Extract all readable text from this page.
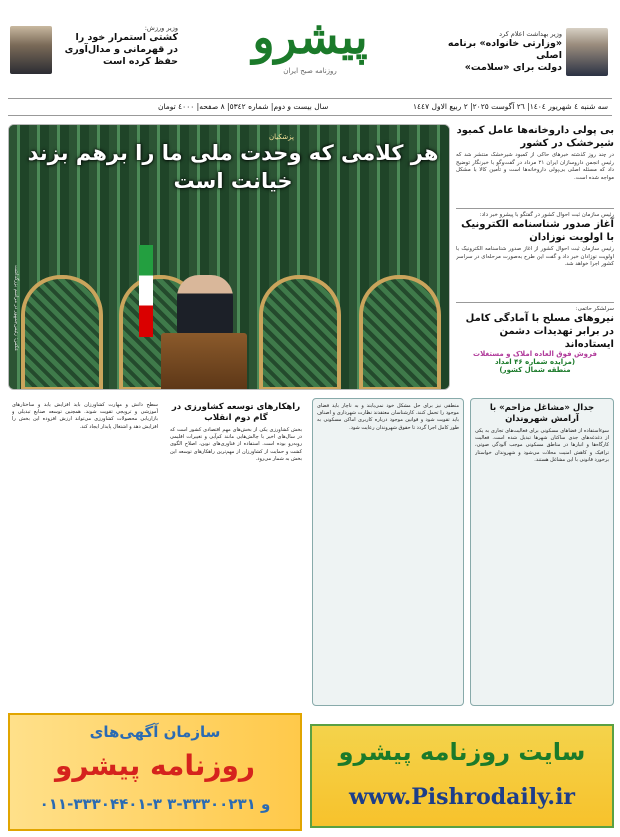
وزیر ورزش:
کشتی استمرار خود را
در قهرمانی و مدال‌آوری
حفظ کرده است	پیشرو
روزنامه صبح ایران
وزیر بهداشت اعلام کرد
«وزارتی خانواده» برنامه اصلی
دولت برای «سلامت»
سه شنبه ٤ شهریور ١٤٠٤| ٢٦ آگوست ٢٠٢٥| ٢ ربیع الاول ١٤٤٧
سال بیست و دوم| شماره ٥٣٤٢| ٨ صفحه| ٤٠٠٠ تومان
عکس: رئیس‌جمهور در مراسم بزرگداشت
پزشکیان
هر کلامی که وحدت ملی ما را برهم بزند خیانت است
بی پولی داروخانه‌ها عامل کمبود شیرخشک در کشور
در چند روز گذشته خبرهای حاکی از کمبود شیرخشک منتشر شد که رئیس انجمن داروسازان ایران ۲۱ مرداد در گفت‌وگو با خبرنگار توضیح داد که مسئله اصلی بی‌پولی داروخانه‌ها است و تأمین کالا با مشکل مواجه شده است.
رئیس سازمان ثبت احوال کشور در گفتگو با پیشرو خبر داد:
آغاز صدور شناسنامه الکترونیک با اولویت نوزادان
رئیس سازمان ثبت احوال کشور از آغاز صدور شناسنامه الکترونیک با اولویت نوزادان خبر داد و گفت این طرح به‌صورت مرحله‌ای در سراسر کشور اجرا خواهد شد.
سرلشکر حاتمی:
نیروهای مسلح با آمادگی کامل در برابر تهدیدات دشمن ایستاده‌اند
فروش فوق العاده املاک و مستغلات
(مزایده شماره ۴۶ امداد
منطقه شمال کشور)
جدال «مشاغل مزاحم» با آرامش شهروندان
سوءاستفاده از فضاهای مسکونی برای فعالیت‌های تجاری به یکی از دغدغه‌های جدی ساکنان شهرها تبدیل شده است. فعالیت کارگاه‌ها و انبارها در مناطق مسکونی موجب آلودگی صوتی، ترافیک و کاهش امنیت محلات می‌شود و شهروندان خواستار برخورد قانونی با این مشاغل هستند.
منطقی نیز برای حل مشکل خود نمی‌یابند و به ناچار باید فضای موجود را تحمل کنند. کارشناسان معتقدند نظارت شهرداری و اصناف باید تقویت شود و قوانین موجود درباره کاربری اماکن مسکونی به طور کامل اجرا گردد تا حقوق شهروندان رعایت شود.
راهکارهای توسعه کشاورزی در گام دوم انقلاب
بخش کشاورزی یکی از بخش‌های مهم اقتصادی کشور است که در سال‌های اخیر با چالش‌هایی مانند کم‌آبی و تغییرات اقلیمی روبه‌رو بوده است. استفاده از فناوری‌های نوین، اصلاح الگوی کشت و حمایت از کشاورزان از مهم‌ترین راهکارهای توسعه این بخش به شمار می‌رود.
سطح دانش و مهارت کشاورزان باید افزایش یابد و ساختارهای آموزشی و ترویجی تقویت شوند. همچنین توسعه صنایع تبدیلی و بازاریابی محصولات کشاورزی می‌تواند ارزش افزوده این بخش را افزایش دهد و اشتغال پایدار ایجاد کند.
سازمان آگهی‌های
روزنامه پیشرو
۰۱۱-۳۳۳۰۴۴۰۱-۳ و ۳۳۳۰۰۲۳۱-۳
سایت روزنامه پیشرو
www.Pishrodaily.ir
